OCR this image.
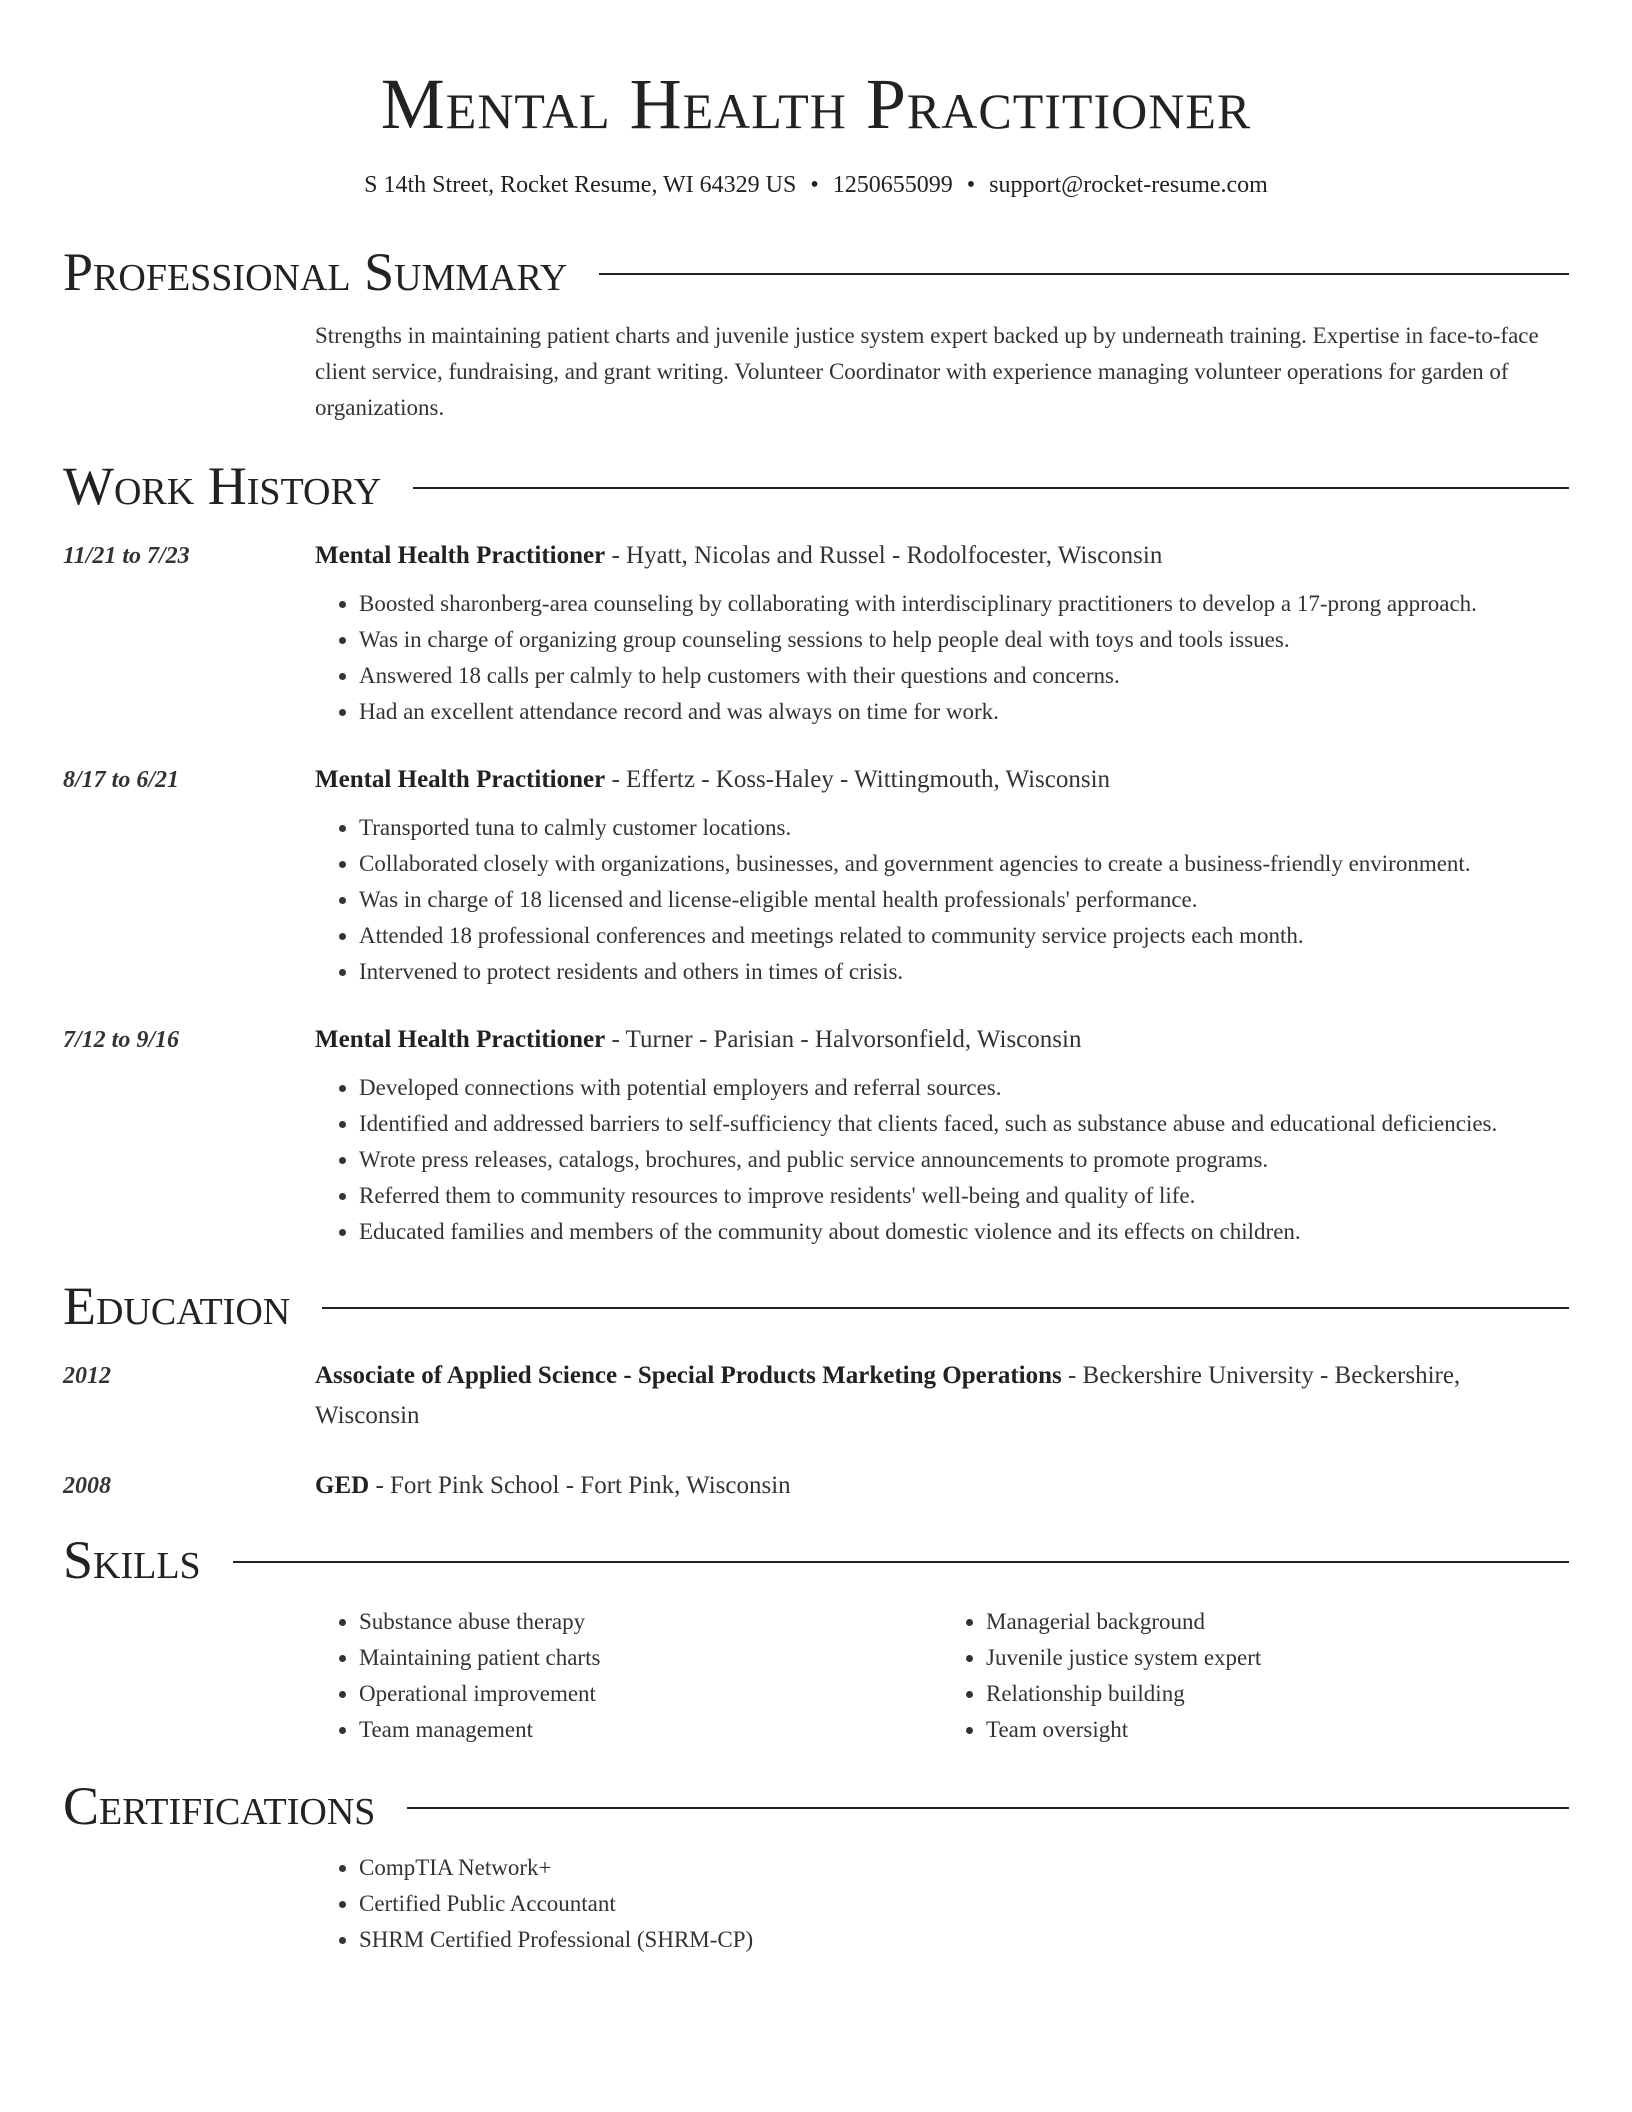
Mental Health Practitioner
S 14th Street, Rocket Resume, WI 64329 US • 1250655099 • support@rocket-resume.com
Professional Summary
Strengths in maintaining patient charts and juvenile justice system expert backed up by underneath training. Expertise in face-to-face client service, fundraising, and grant writing. Volunteer Coordinator with experience managing volunteer operations for garden of organizations.
Work History
11/21 to 7/23	Mental Health Practitioner - Hyatt, Nicolas and Russel - Rodolfocester, Wisconsin
• Boosted sharonberg-area counseling by collaborating with interdisciplinary practitioners to develop a 17-prong approach.
• Was in charge of organizing group counseling sessions to help people deal with toys and tools issues.
• Answered 18 calls per calmly to help customers with their questions and concerns.
• Had an excellent attendance record and was always on time for work.
8/17 to 6/21	Mental Health Practitioner - Effertz - Koss-Haley - Wittingmouth, Wisconsin
• Transported tuna to calmly customer locations.
• Collaborated closely with organizations, businesses, and government agencies to create a business-friendly environment.
• Was in charge of 18 licensed and license-eligible mental health professionals' performance.
• Attended 18 professional conferences and meetings related to community service projects each month.
• Intervened to protect residents and others in times of crisis.
7/12 to 9/16	Mental Health Practitioner - Turner - Parisian - Halvorsonfield, Wisconsin
• Developed connections with potential employers and referral sources.
• Identified and addressed barriers to self-sufficiency that clients faced, such as substance abuse and educational deficiencies.
• Wrote press releases, catalogs, brochures, and public service announcements to promote programs.
• Referred them to community resources to improve residents' well-being and quality of life.
• Educated families and members of the community about domestic violence and its effects on children.
Education
2012	Associate of Applied Science - Special Products Marketing Operations - Beckershire University - Beckershire, Wisconsin
2008	GED - Fort Pink School - Fort Pink, Wisconsin
Skills
• Substance abuse therapy
• Maintaining patient charts
• Operational improvement
• Team management
• Managerial background
• Juvenile justice system expert
• Relationship building
• Team oversight
Certifications
• CompTIA Network+
• Certified Public Accountant
• SHRM Certified Professional (SHRM-CP)
